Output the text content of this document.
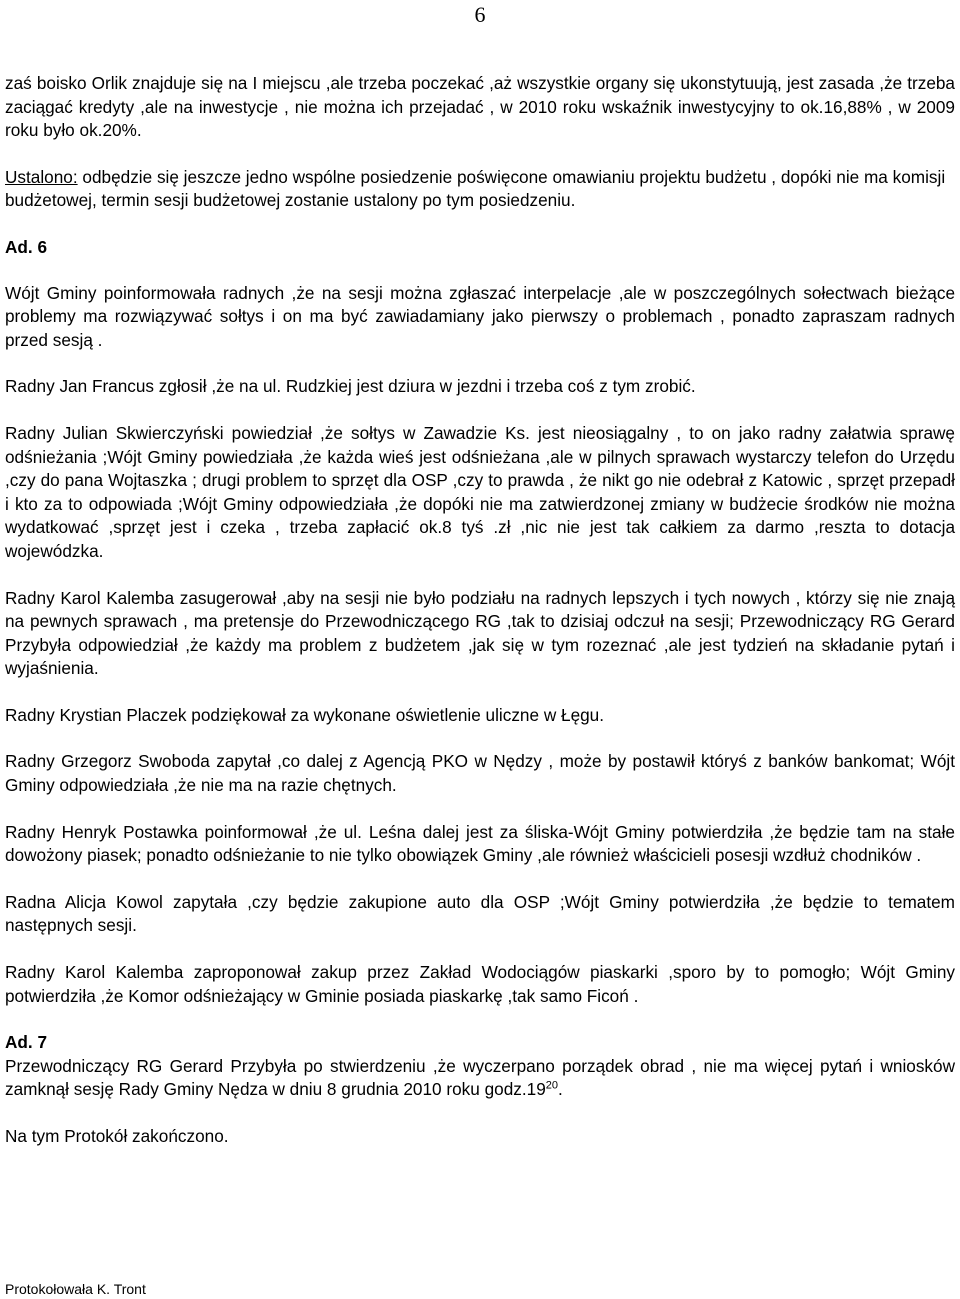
6

zaś boisko Orlik znajduje się na I miejscu ,ale trzeba poczekać ,aż wszystkie organy się ukonstytuują, jest zasada ,że trzeba zaciągać kredyty ,ale na inwestycje , nie można ich przejadać , w 2010 roku wskaźnik inwestycyjny to ok.16,88% , w 2009 roku było ok.20%.

Ustalono: odbędzie się jeszcze jedno wspólne posiedzenie poświęcone omawianiu projektu budżetu , dopóki nie ma komisji budżetowej, termin sesji budżetowej zostanie ustalony po tym posiedzeniu.

Ad. 6

Wójt Gminy poinformowała radnych ,że na sesji można zgłaszać interpelacje ,ale w poszczególnych sołectwach bieżące problemy ma rozwiązywać sołtys i on ma być zawiadamiany jako pierwszy o problemach , ponadto zapraszam radnych przed sesją .

Radny Jan Francus zgłosił ,że na ul. Rudzkiej jest dziura w jezdni i trzeba coś z tym zrobić.

Radny Julian Skwierczyński powiedział ,że sołtys w Zawadzie Ks. jest nieosiągalny , to on jako radny załatwia sprawę odśnieżania ;Wójt Gminy powiedziała ,że każda wieś jest odśnieżana ,ale w pilnych sprawach wystarczy telefon do Urzędu ,czy do pana Wojtaszka ; drugi problem to sprzęt dla OSP ,czy to prawda , że nikt go nie odebrał z Katowic , sprzęt przepadł i kto za to odpowiada ;Wójt Gminy odpowiedziała ,że dopóki nie ma zatwierdzonej zmiany w budżecie środków nie można wydatkować ,sprzęt jest i czeka , trzeba zapłacić ok.8 tyś .zł ,nic nie jest tak całkiem za darmo ,reszta to dotacja wojewódzka.

Radny Karol Kalemba zasugerował ,aby na sesji nie było podziału na radnych lepszych i tych nowych , którzy się nie znają na pewnych sprawach , ma pretensje do Przewodniczącego RG ,tak to dzisiaj odczuł na sesji; Przewodniczący RG Gerard Przybyła odpowiedział ,że każdy ma problem z budżetem ,jak się w tym rozeznać ,ale jest tydzień na składanie pytań i wyjaśnienia.

Radny Krystian Placzek podziękował za wykonane oświetlenie uliczne w Łęgu.

Radny Grzegorz Swoboda zapytał ,co dalej z Agencją PKO w Nędzy , może by postawił któryś z banków bankomat; Wójt Gminy odpowiedziała ,że nie ma na razie chętnych.

Radny Henryk Postawka poinformował ,że ul. Leśna dalej jest za śliska-Wójt Gminy potwierdziła ,że będzie tam na stałe dowożony piasek; ponadto odśnieżanie to nie tylko obowiązek Gminy ,ale również właścicieli posesji wzdłuż chodników .

Radna Alicja Kowol zapytała ,czy będzie zakupione auto dla OSP ;Wójt Gminy potwierdziła ,że będzie to tematem następnych sesji.

Radny Karol Kalemba zaproponował zakup przez Zakład Wodociągów piaskarki ,sporo by to pomogło; Wójt Gminy potwierdziła ,że Komor odśnieżający w Gminie posiada piaskarkę ,tak samo Ficoń .

Ad. 7

Przewodniczący RG Gerard Przybyła po stwierdzeniu ,że wyczerpano porządek obrad , nie ma więcej pytań i wniosków zamknął sesję Rady Gminy Nędza w dniu 8 grudnia 2010 roku $godz.19^{20}$.

Na tym Protokół zakończono.

Protokołowała K. Tront
